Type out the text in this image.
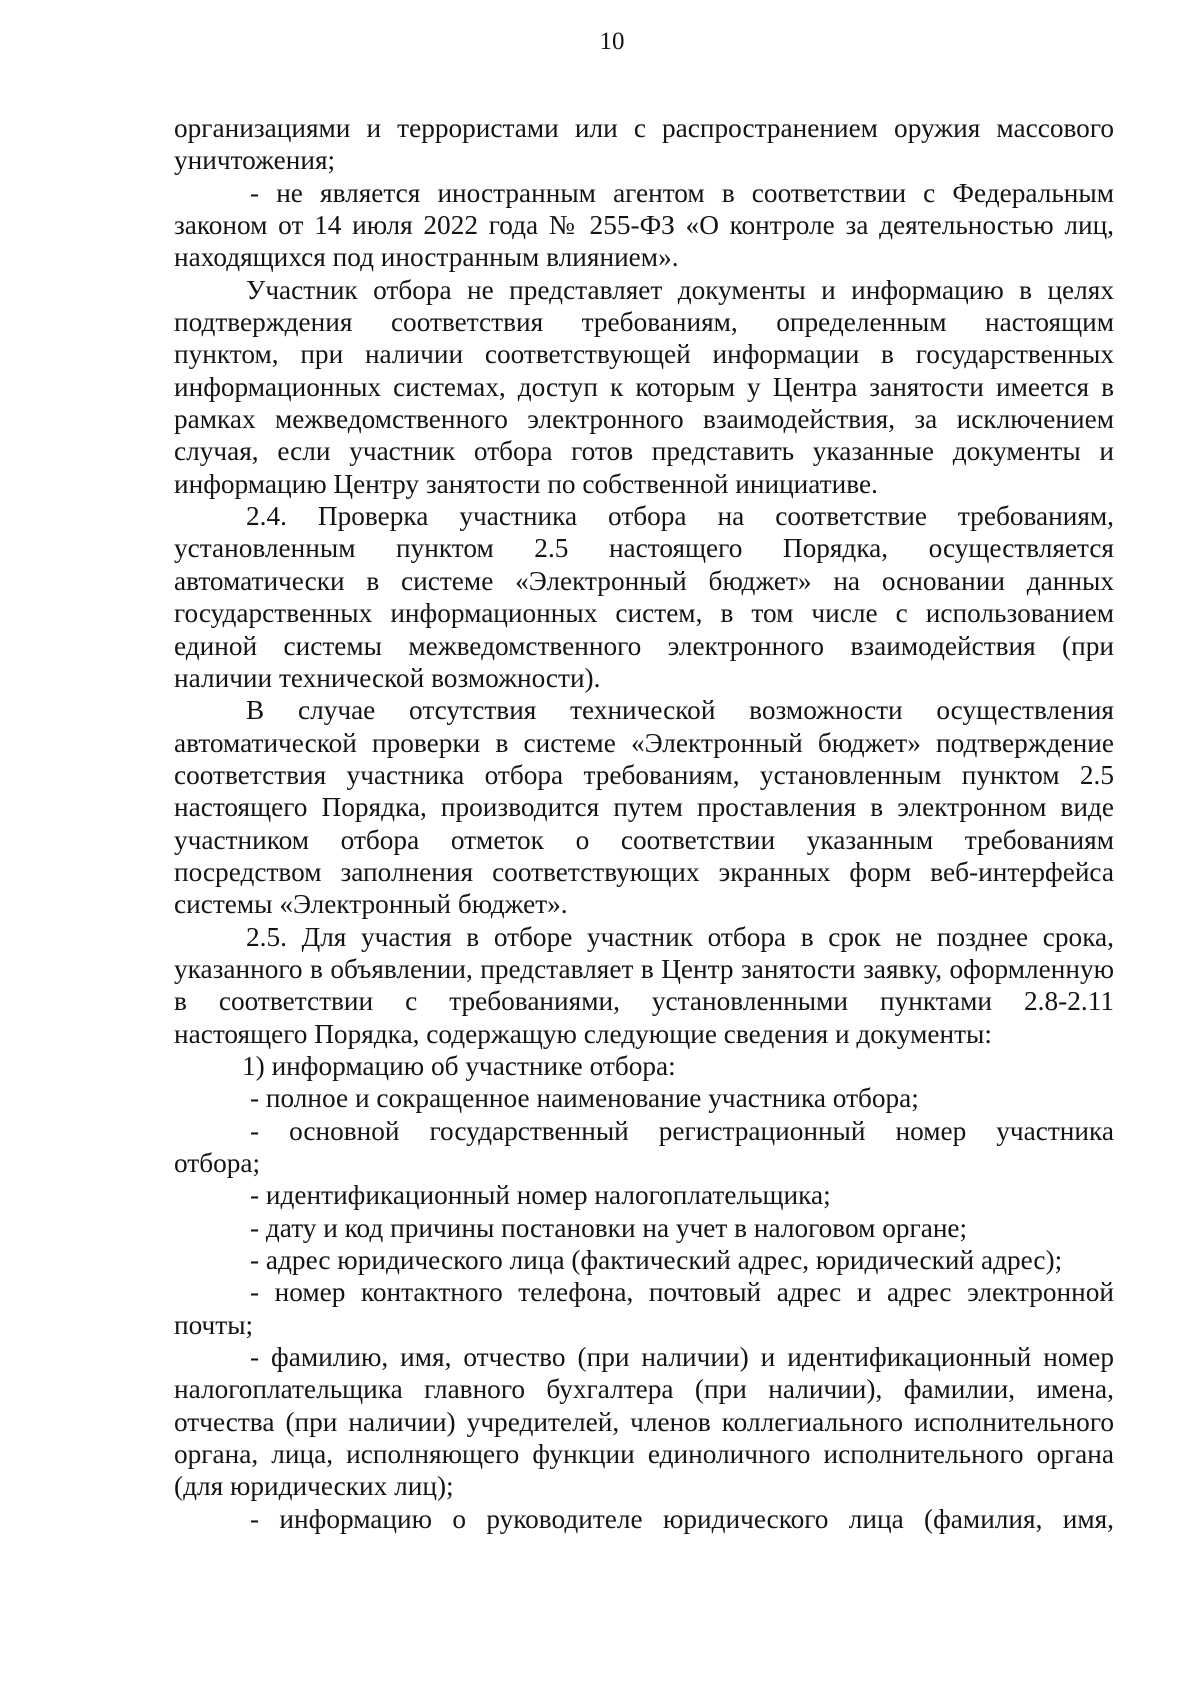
10
организациями и террористами или с распространением оружия массового
уничтожения;
- не является иностранным агентом в соответствии с Федеральным
законом от 14 июля 2022 года № 255-ФЗ «О контроле за деятельностью лиц,
находящихся под иностранным влиянием».
Участник отбора не представляет документы и информацию в целях
подтверждения соответствия требованиям, определенным настоящим
пунктом, при наличии соответствующей информации в государственных
информационных системах, доступ к которым у Центра занятости имеется в
рамках межведомственного электронного взаимодействия, за исключением
случая, если участник отбора готов представить указанные документы и
информацию Центру занятости по собственной инициативе.
2.4. Проверка участника отбора на соответствие требованиям,
установленным пунктом 2.5 настоящего Порядка, осуществляется
автоматически в системе «Электронный бюджет» на основании данных
государственных информационных систем, в том числе с использованием
единой системы межведомственного электронного взаимодействия (при
наличии технической возможности).
В случае отсутствия технической возможности осуществления
автоматической проверки в системе «Электронный бюджет» подтверждение
соответствия участника отбора требованиям, установленным пунктом 2.5
настоящего Порядка, производится путем проставления в электронном виде
участником отбора отметок о соответствии указанным требованиям
посредством заполнения соответствующих экранных форм веб-интерфейса
системы «Электронный бюджет».
2.5. Для участия в отборе участник отбора в срок не позднее срока,
указанного в объявлении, представляет в Центр занятости заявку, оформленную
в соответствии с требованиями, установленными пунктами 2.8-2.11
настоящего Порядка, содержащую следующие сведения и документы:
1) информацию об участнике отбора:
- полное и сокращенное наименование участника отбора;
- основной государственный регистрационный номер участника
отбора;
- идентификационный номер налогоплательщика;
- дату и код причины постановки на учет в налоговом органе;
- адрес юридического лица (фактический адрес, юридический адрес);
- номер контактного телефона, почтовый адрес и адрес электронной
почты;
- фамилию, имя, отчество (при наличии) и идентификационный номер
налогоплательщика главного бухгалтера (при наличии), фамилии, имена,
отчества (при наличии) учредителей, членов коллегиального исполнительного
органа, лица, исполняющего функции единоличного исполнительного органа
(для юридических лиц);
- информацию о руководителе юридического лица (фамилия, имя,
